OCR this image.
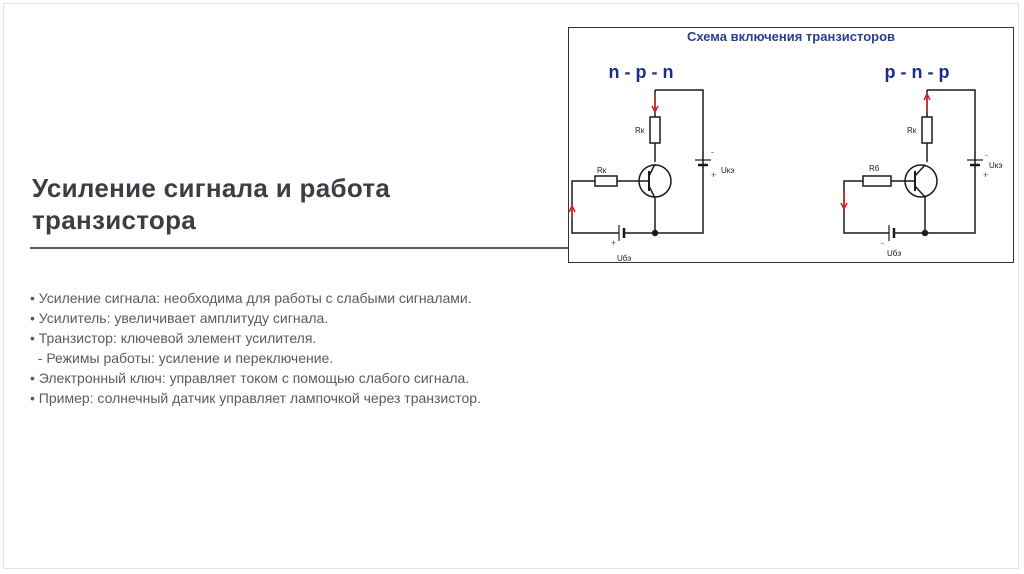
Усиление сигнала и работа транзистора
• Усиление сигнала: необходима для работы с слабыми сигналами.
• Усилитель: увеличивает амплитуду сигнала.
• Транзистор: ключевой элемент усилителя.
- Режимы работы: усиление и переключение.
• Электронный ключ: управляет током с помощью слабого сигнала.
• Пример: солнечный датчик управляет лампочкой через транзистор.
Схема включения транзисторов
n - p - n
Rк
Rк	Uкэ
Uбэ
-
+
+
p - n - p
Rк
Rб	Uкэ
Uбэ
-
+
-
